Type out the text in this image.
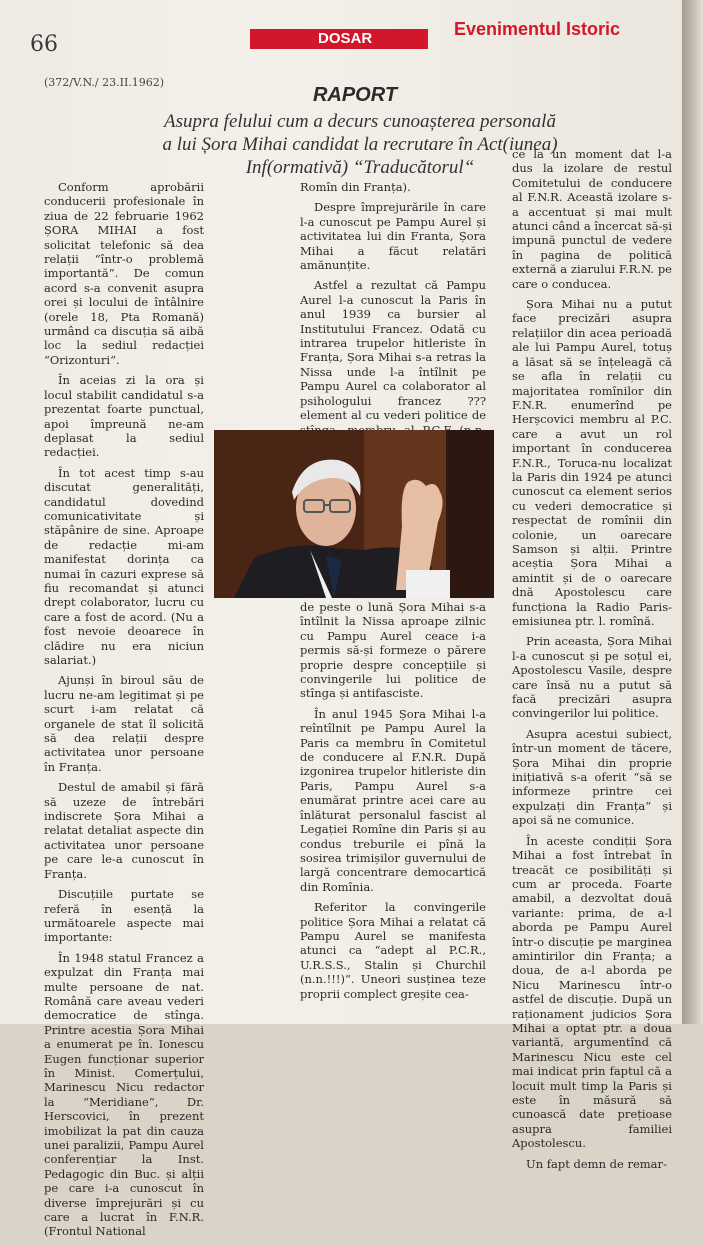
66	DOSAR	Evenimentul Istoric
(372/V.N./ 23.II.1962)
RAPORT
Asupra felului cum a decurs cunoașterea personală
a lui Șora Mihai candidat la recrutare în Act(iunea)
Inf(ormativă) “Traducătorul“

Conform aprobării conducerii profesionale în ziua de 22 februarie 1962 ȘORA MIHAI a fost solicitat telefonic să dea relații “într-o problemă importantă“. De comun acord s-a convenit asupra orei și locului de întâlnire (orele 18, Pta Romană) urmând ca discuția să aibă loc la sediul redacției “Orizonturi“.

În aceias zi la ora și locul stabilit candidatul s-a prezentat foarte punctual, apoi împreună ne-am deplasat la sediul redacției.

În tot acest timp s-au discutat generalități, candidatul dovedind comunicativitate și stăpânire de sine. Aproape de redacție mi-am manifestat dorința ca numai în cazuri exprese să fiu recomandat și atunci drept colaborator, lucru cu care a fost de acord. (Nu a fost nevoie deoarece în clădire nu era niciun salariat.)

Ajunși în biroul său de lucru ne-am legitimat și pe scurt i-am relatat că organele de stat îl solicită să dea relații despre activitatea unor persoane în Franța.

Destul de amabil și fără să uzeze de întrebări indiscrete Șora Mihai a relatat detaliat aspecte din activitatea unor persoane pe care le-a cunoscut în Franța.

Discuțiile purtate se referă în esență la următoarele aspecte mai importante:

În 1948 statul Francez a expulzat din Franța mai multe persoane de nat. Română care aveau vederi democratice de stînga. Printre acestia Șora Mihai a enumerat pe în. Ionescu Eugen funcționar superior în Minist. Comerțului, Marinescu Nicu redactor la “Meridiane“, Dr. Herscovici, în prezent imobilizat la pat din cauza unei paralizii, Pampu Aurel conferențiar la Inst. Pedagogic din Buc. și alții pe care i-a cunoscut în diverse împrejurări și cu care a lucrat în F.N.R. (Frontul National

Romîn din Franța).

Despre împrejurările în care l-a cunoscut pe Pampu Aurel și activitatea lui din Franta, Șora Mihai a făcut relatări amănunțite.

Astfel a rezultat că Pampu Aurel l-a cunoscut la Paris în anul 1939 ca bursier al Institutului Francez. Odată cu intrarea trupelor hitleriste în Franța, Șora Mihai s-a retras la Nissa unde l-a întîlnit pe Pampu Aurel ca colaborator al psihologului francez ??? element al cu vederi politice de

de peste o lună Șora Mihai s-a întîlnit la Nissa aproape zilnic cu Pampu Aurel ceace i-a permis să-și formeze o părere proprie despre concepțiile și convingerile lui politice de stînga și antifasciste.

În anul 1945 Șora Mihai l-a reîntîlnit pe Pampu Aurel la Paris ca membru în Comitetul de conducere al F.N.R. După izgonirea trupelor hitleriste din Paris, Pampu Aurel s-a enumărat printre acei care au înlăturat personalul fascist al Legației Romîne din Paris și au condus treburile ei pînă la sosirea trimișilor guvernului de largă concentrare democartică din Romînia.

Referitor la convingerile politice Șora Mihai a relatat că Pampu Aurel se manifesta atunci ca “adept al P.C.R., U.R.S.S., Stalin și Churchil (n.n.!!!)“. Uneori susținea teze proprii complect greșite cea-

ce la un moment dat l-a dus la izolare de restul Comitetului de conducere al F.N.R. Această izolare s-a accentuat și mai mult atunci când a încercat să-și impună punctul de vedere în pagina de politică externă a ziarului F.R.N. pe care o conducea.

Șora Mihai nu a putut face precizări asupra relațiilor din acea perioadă ale lui Pampu Aurel, totuș a lăsat să se înțeleagă că se afla în relații cu majoritatea romînilor din F.N.R. enumerînd pe Herșcovici membru al P.C. care a avut un rol important în conducerea F.N.R., Toruca-nu localizat la Paris din 1924 pe atunci cunoscut ca element serios cu vederi democratice și respectat de romînii din colonie, un oarecare Samson și alții. Printre aceștia Șora Mihai a amintit și de o oarecare dnă Apostolescu care funcționa la Radio Paris- emisiunea ptr. l. romînă.

Prin aceasta, Șora Mihai l-a cunoscut și pe soțul ei, Apostolescu Vasile, despre care însă nu a putut să facă precizări asupra convingerilor lui politice.

Asupra acestui subiect, într-un moment de tăcere, Șora Mihai din proprie inițiativă s-a oferit “să se informeze printre cei expulzați din Franța“ și apoi să ne comunice.

În aceste condiții Șora Mihai a fost întrebat în treacăt ce posibilități și cum ar proceda. Foarte amabil, a dezvoltat două variante: prima, de a-l aborda pe Pampu Aurel într-o discuție pe marginea amintirilor din Franța; a doua, de a-l aborda pe Nicu Marinescu într-o astfel de discuție. După un raționament judicios Șora Mihai a optat ptr. a doua variantă, argumentînd că Marinescu Nicu este cel mai indicat prin faptul că a locuit mult timp la Paris și este în măsură să cunoască date prețioase asupra familiei Apostolescu.

Un fapt demn de remar-
